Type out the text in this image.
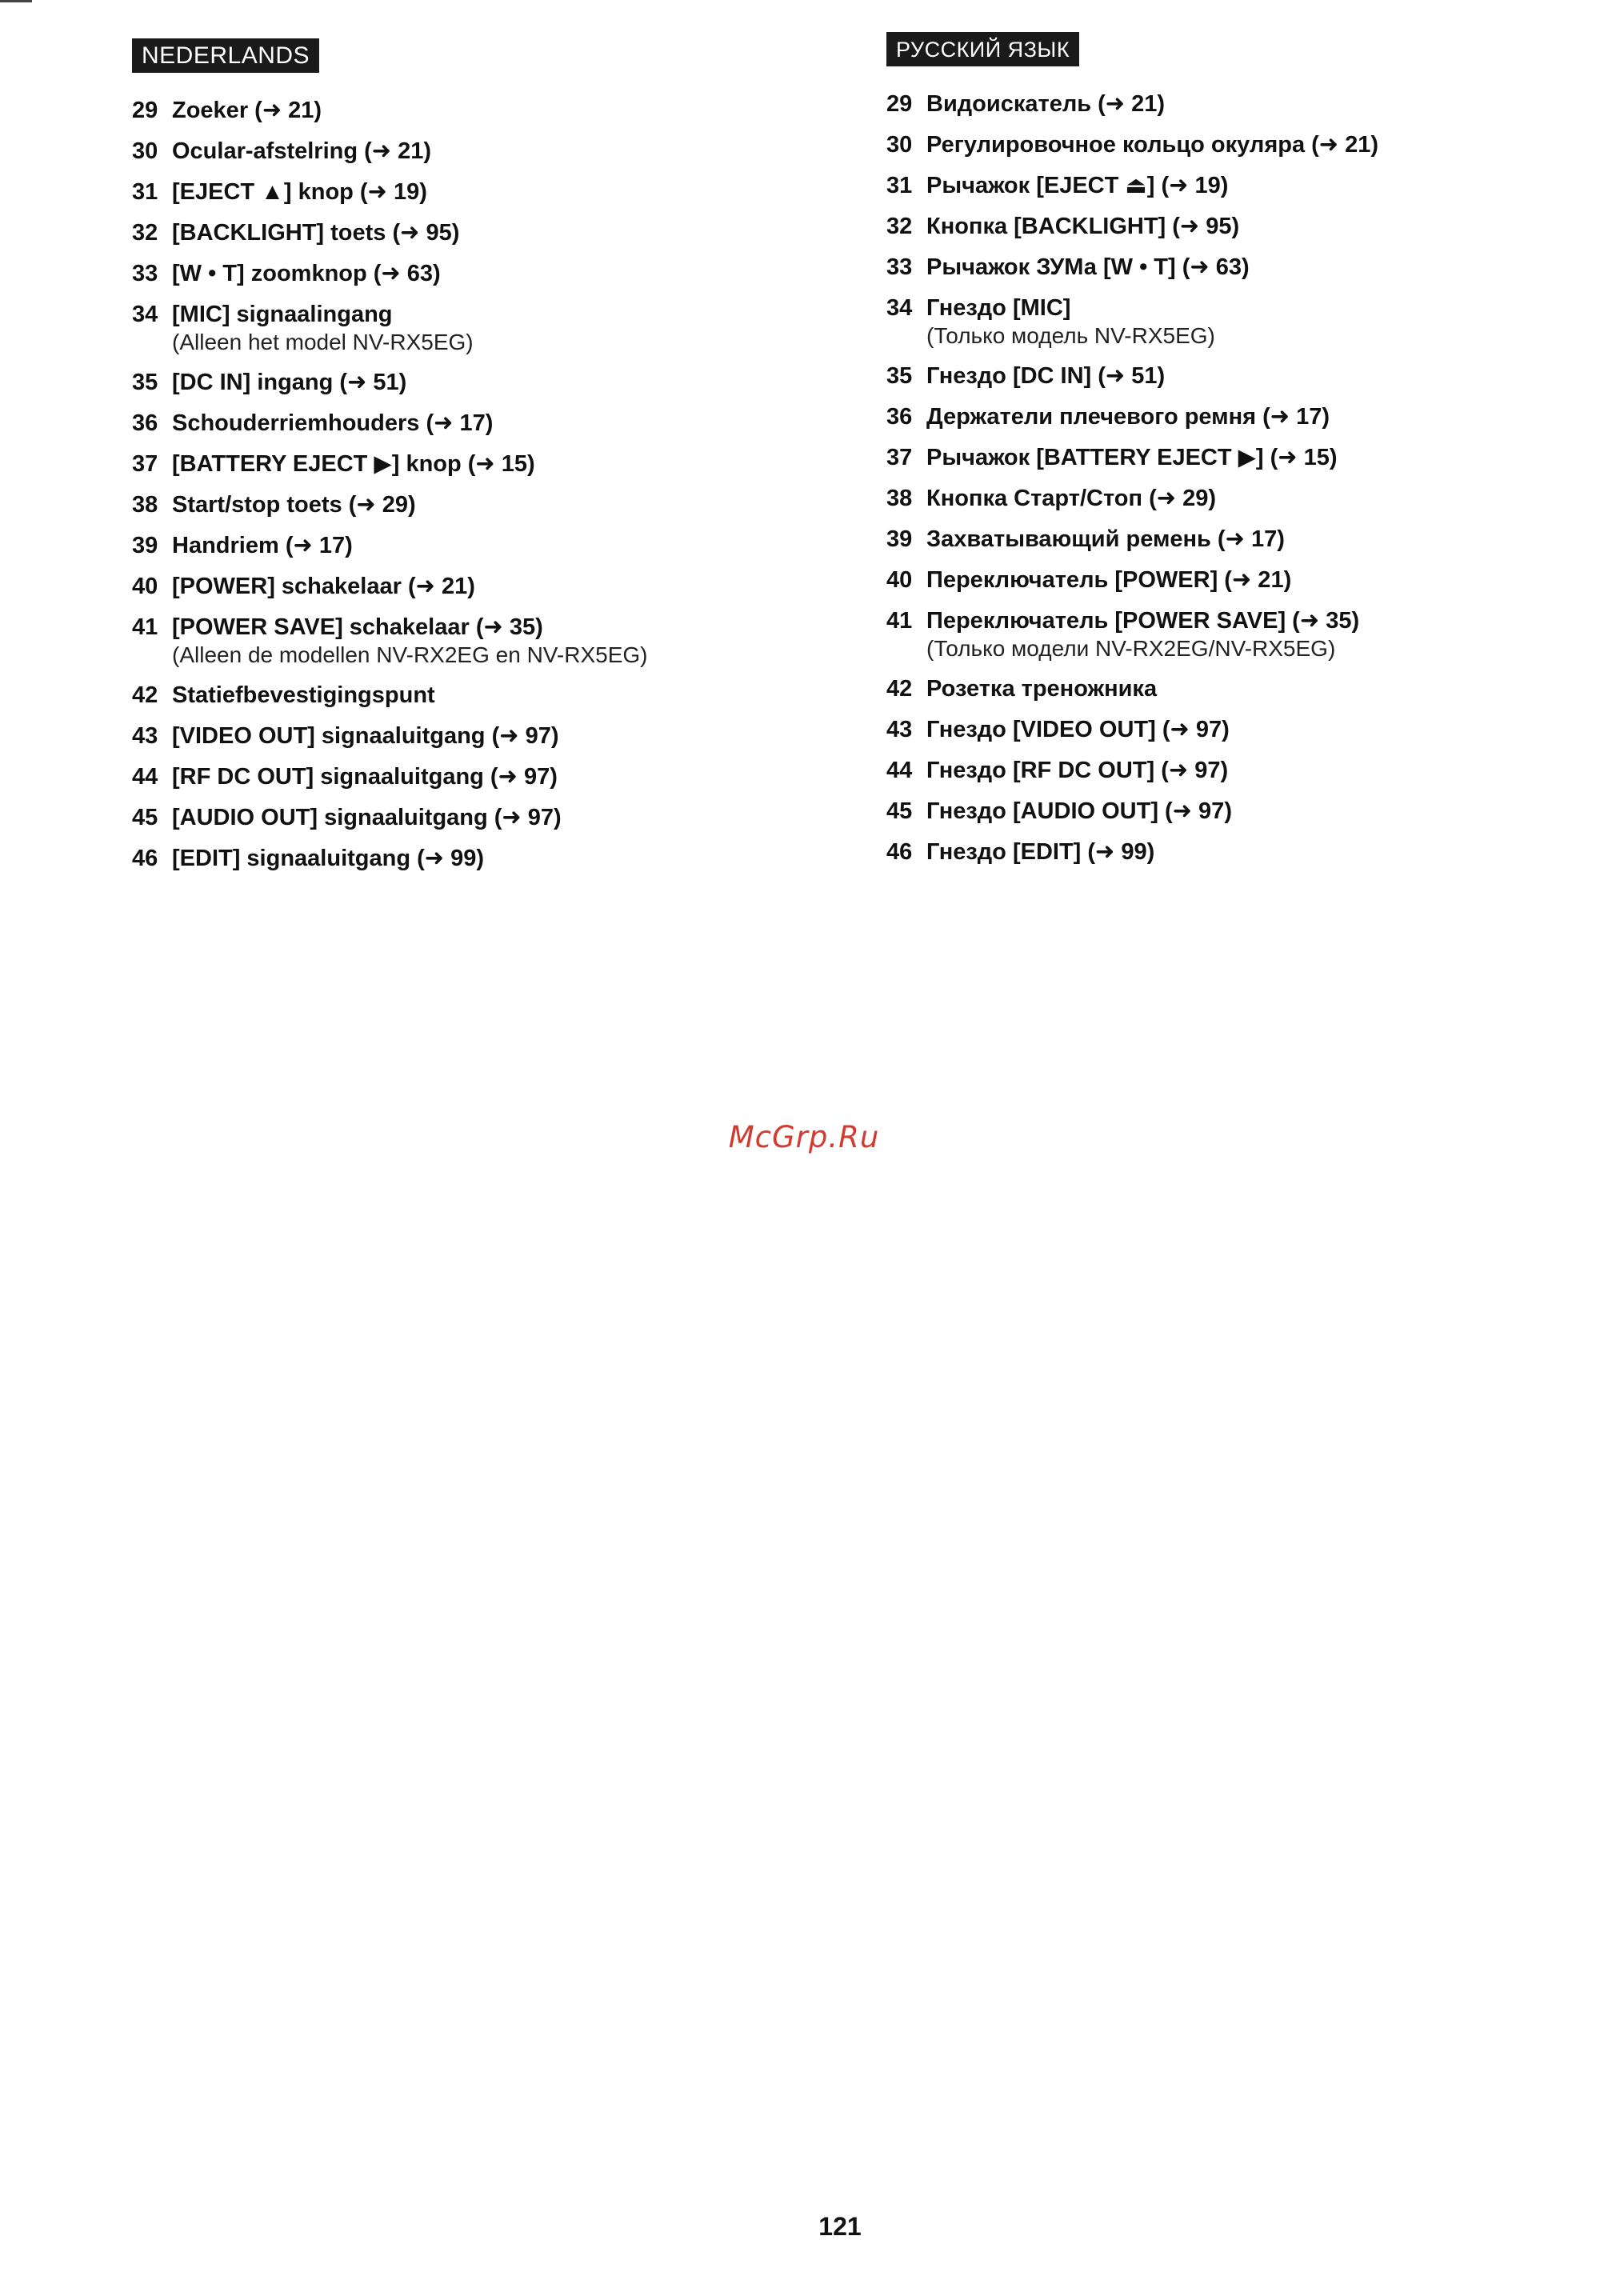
NEDERLANDS
29 Zoeker (➜ 21)
30 Ocular-afstelring (➜ 21)
31 [EJECT ▲] knop (➜ 19)
32 [BACKLIGHT] toets (➜ 95)
33 [W • T] zoomknop (➜ 63)
34 [MIC] signaalingang
(Alleen het model NV-RX5EG)
35 [DC IN] ingang (➜ 51)
36 Schouderriemhouders (➜ 17)
37 [BATTERY EJECT ▶] knop (➜ 15)
38 Start/stop toets (➜ 29)
39 Handriem (➜ 17)
40 [POWER] schakelaar (➜ 21)
41 [POWER SAVE] schakelaar (➜ 35)
(Alleen de modellen NV-RX2EG en NV-RX5EG)
42 Statiefbevestigingspunt
43 [VIDEO OUT] signaaluitgang (➜ 97)
44 [RF DC OUT] signaaluitgang (➜ 97)
45 [AUDIO OUT] signaaluitgang (➜ 97)
46 [EDIT] signaaluitgang (➜ 99)
РУССКИЙ ЯЗЫК
29 Видоискатель (➜ 21)
30 Регулировочное кольцо окуляра (➜ 21)
31 Рычажок [EJECT ⏏] (➜ 19)
32 Кнопка [BACKLIGHT] (➜ 95)
33 Рычажок ЗУМа [W • T] (➜ 63)
34 Гнездо [MIC]
(Только модель NV-RX5EG)
35 Гнездо [DC IN] (➜ 51)
36 Держатели плечевого ремня (➜ 17)
37 Рычажок [BATTERY EJECT ▶] (➜ 15)
38 Кнопка Старт/Стоп (➜ 29)
39 Захватывающий ремень (➜ 17)
40 Переключатель [POWER] (➜ 21)
41 Переключатель [POWER SAVE] (➜ 35)
(Только модели NV-RX2EG/NV-RX5EG)
42 Розетка треножника
43 Гнездо [VIDEO OUT] (➜ 97)
44 Гнездо [RF DC OUT] (➜ 97)
45 Гнездо [AUDIO OUT] (➜ 97)
46 Гнездо [EDIT] (➜ 99)
McGrp.Ru
121
